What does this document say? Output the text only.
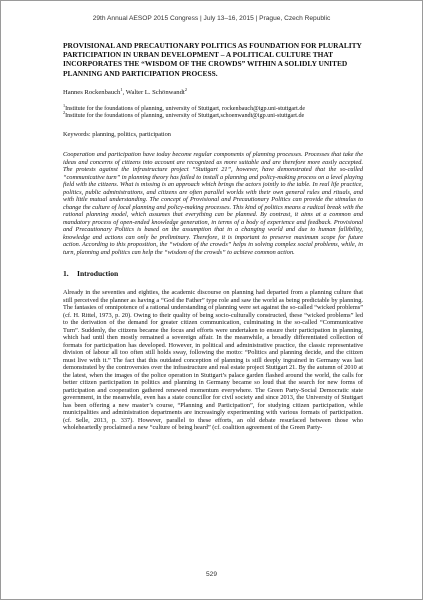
29th Annual AESOP 2015 Congress | July 13–16, 2015 | Prague, Czech Republic
PROVISIONAL AND PRECAUTIONARY POLITICS AS FOUNDATION FOR PLURALITY PARTICIPATION IN URBAN DEVELOPMENT – A POLITICAL CULTURE THAT INCORPORATES THE “WISDOM OF THE CROWDS” WITHIN A SOLIDLY UNITED PLANNING AND PARTICIPATION PROCESS.
Hannes Rockenbauch$^1$, Walter L. Schönwandt$^2$
$^1$Institute for the foundations of planning, university of Stuttgart, rockenbauch@igp.uni-stuttgart.de
$^2$Institute for the foundations of planning, university of Stuttgart,schoenwandt@igp.uni-stuttgart.de
Keywords: planning, politics, participation

Cooperation and participation have today become regular components of planning processes. Processes that take the ideas and concerns of citizens into account are recognized as more suitable and are therefore more easily accepted. The protests against the infrastructure project “Stuttgart 21”, however, have demonstrated that the so-called “communicative turn” in planning theory has failed to install a planning and policy-making process on a level playing field with the citizens. What is missing is an approach which brings the actors jointly to the table. In real life practice, politics, public administrations, and citizens are often parallel worlds with their own general rules and rituals, and with little mutual understanding. The concept of Provisional and Precautionary Politics can provide the stimulus to change the culture of local planning and policy-making processes. This kind of politics means a radical break with the rational planning model, which assumes that everything can be planned. By contrast, it aims at a common and mandatory process of open-ended knowledge generation, in terms of a body of experience and feedback. Provisional and Precautionary Politics is based on the assumption that in a changing world and due to human fallibility, knowledge and actions can only be preliminary. Therefore, it is important to preserve maximum scope for future action. According to this proposition, the “wisdom of the crowds” helps in solving complex social problems, while, in turn, planning and politics can help the “wisdom of the crowds” to achieve common action.

1. Introduction

Already in the seventies and eighties, the academic discourse on planning had departed from a planning culture that still perceived the planner as having a “God the Father” type role and saw the world as being predictable by planning. The fantasies of omnipotence of a rational understanding of planning were set against the so-called “wicked problems” (cf. H. Rittel, 1973, p. 20). Owing to their quality of being socio-culturally constructed, these “wicked problems” led to the derivation of the demand for greater citizen communication, culminating in the so-called “Communicative Turn”. Suddenly, the citizens became the focus and efforts were undertaken to ensure their participation in planning, which had until then mostly remained a sovereign affair. In the meanwhile, a broadly differentiated collection of formats for participation has developed. However, in political and administrative practice, the classic representative division of labour all too often still holds sway, following the motto: “Politics and planning decide, and the citizen must live with it.” The fact that this outdated conception of planning is still deeply ingrained in Germany was last demonstrated by the controversies over the infrastructure and real estate project Stuttgart 21. By the autumn of 2010 at the latest, when the images of the police operation in Stuttgart’s palace garden flashed around the world, the calls for better citizen participation in politics and planning in Germany became so loud that the search for new forms of participation and cooperation gathered renewed momentum everywhere. The Green Party-Social Democratic state government, in the meanwhile, even has a state councillor for civil society and since 2013, the University of Stuttgart has been offering a new master’s course, “Planning and Participation”, for studying citizen participation, while municipalities and administration departments are increasingly experimenting with various formats of participation. (cf. Selle, 2013, p. 337). However, parallel to these efforts, an old debate resurfaced between those who wholeheartedly proclaimed a new “culture of being heard” (cf. coalition agreement of the Green Party-

529
